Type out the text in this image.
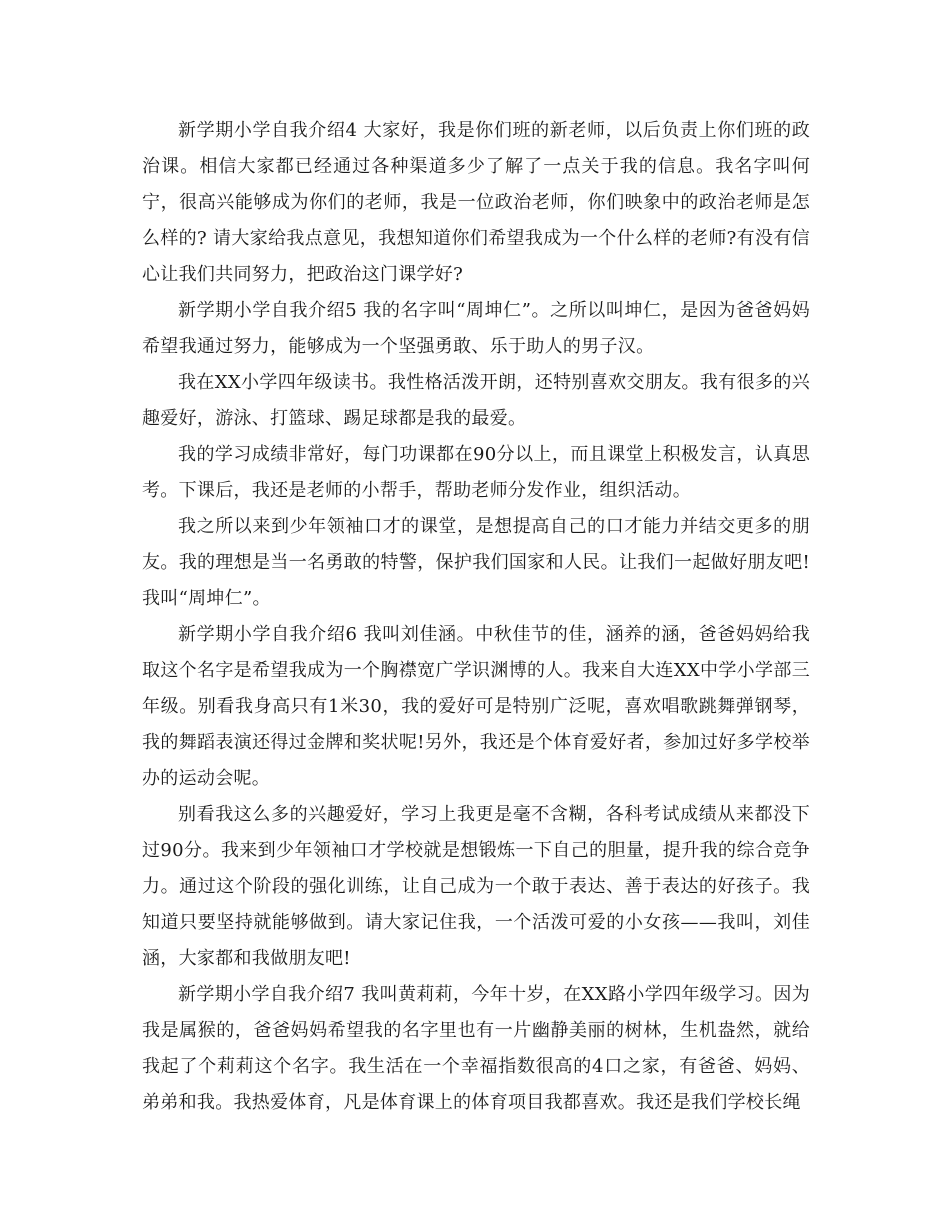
新学期小学自我介绍4 大家好，我是你们班的新老师，以后负责上你们班的政治课。相信大家都已经通过各种渠道多少了解了一点关于我的信息。我名字叫何宁，很高兴能够成为你们的老师，我是一位政治老师，你们映象中的政治老师是怎么样的? 请大家给我点意见，我想知道你们希望我成为一个什么样的老师?有没有信心让我们共同努力，把政治这门课学好?

新学期小学自我介绍5 我的名字叫“周坤仁”。之所以叫坤仁，是因为爸爸妈妈希望我通过努力，能够成为一个坚强勇敢、乐于助人的男子汉。

我在XX小学四年级读书。我性格活泼开朗，还特别喜欢交朋友。我有很多的兴趣爱好，游泳、打篮球、踢足球都是我的最爱。

我的学习成绩非常好，每门功课都在90分以上，而且课堂上积极发言，认真思考。下课后，我还是老师的小帮手，帮助老师分发作业，组织活动。

我之所以来到少年领袖口才的课堂，是想提高自己的口才能力并结交更多的朋友。我的理想是当一名勇敢的特警，保护我们国家和人民。让我们一起做好朋友吧!我叫“周坤仁”。

新学期小学自我介绍6 我叫刘佳涵。中秋佳节的佳，涵养的涵，爸爸妈妈给我取这个名字是希望我成为一个胸襟宽广学识渊博的人。我来自大连XX中学小学部三年级。别看我身高只有1米30，我的爱好可是特别广泛呢，喜欢唱歌跳舞弹钢琴，我的舞蹈表演还得过金牌和奖状呢!另外，我还是个体育爱好者，参加过好多学校举办的运动会呢。

别看我这么多的兴趣爱好，学习上我更是毫不含糊，各科考试成绩从来都没下过90分。我来到少年领袖口才学校就是想锻炼一下自己的胆量，提升我的综合竞争力。通过这个阶段的强化训练，让自己成为一个敢于表达、善于表达的好孩子。我知道只要坚持就能够做到。请大家记住我，一个活泼可爱的小女孩——我叫，刘佳涵，大家都和我做朋友吧!

新学期小学自我介绍7 我叫黄莉莉，今年十岁，在XX路小学四年级学习。因为我是属猴的，爸爸妈妈希望我的名字里也有一片幽静美丽的树林，生机盎然，就给我起了个莉莉这个名字。我生活在一个幸福指数很高的4口之家，有爸爸、妈妈、弟弟和我。我热爱体育，凡是体育课上的体育项目我都喜欢。我还是我们学校长绳
